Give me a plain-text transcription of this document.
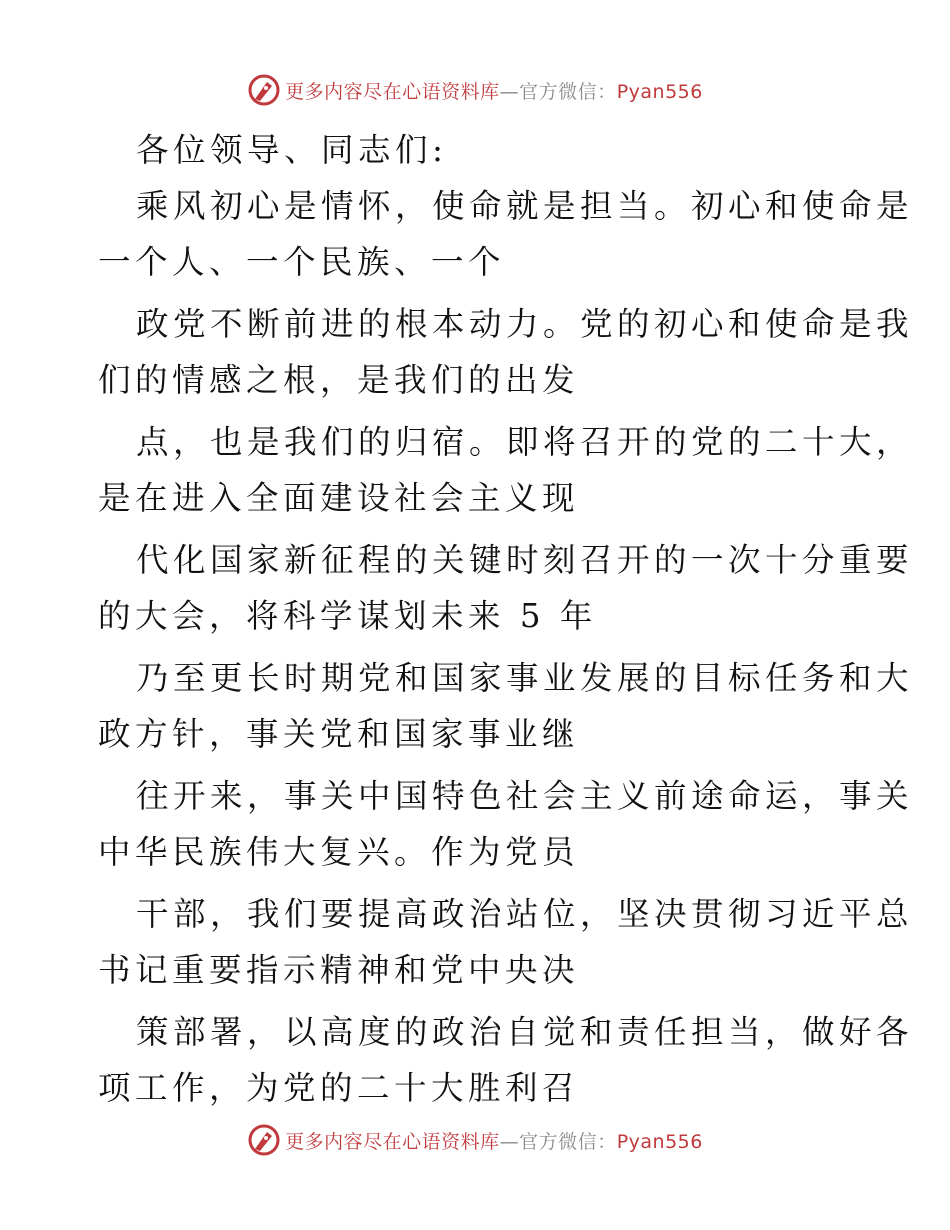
更多内容尽在心语资料库—官方微信：Pyan556
各位领导、同志们:
乘风初心是情怀，使命就是担当。初心和使命是
一个人、一个民族、一个
政党不断前进的根本动力。党的初心和使命是我
们的情感之根，是我们的出发
点，也是我们的归宿。即将召开的党的二十大，
是在进入全面建设社会主义现
代化国家新征程的关键时刻召开的一次十分重要
的大会，将科学谋划未来 5 年
乃至更长时期党和国家事业发展的目标任务和大
政方针，事关党和国家事业继
往开来，事关中国特色社会主义前途命运，事关
中华民族伟大复兴。作为党员
干部，我们要提高政治站位，坚决贯彻习近平总
书记重要指示精神和党中央决
策部署，以高度的政治自觉和责任担当，做好各
项工作，为党的二十大胜利召
更多内容尽在心语资料库—官方微信：Pyan556
